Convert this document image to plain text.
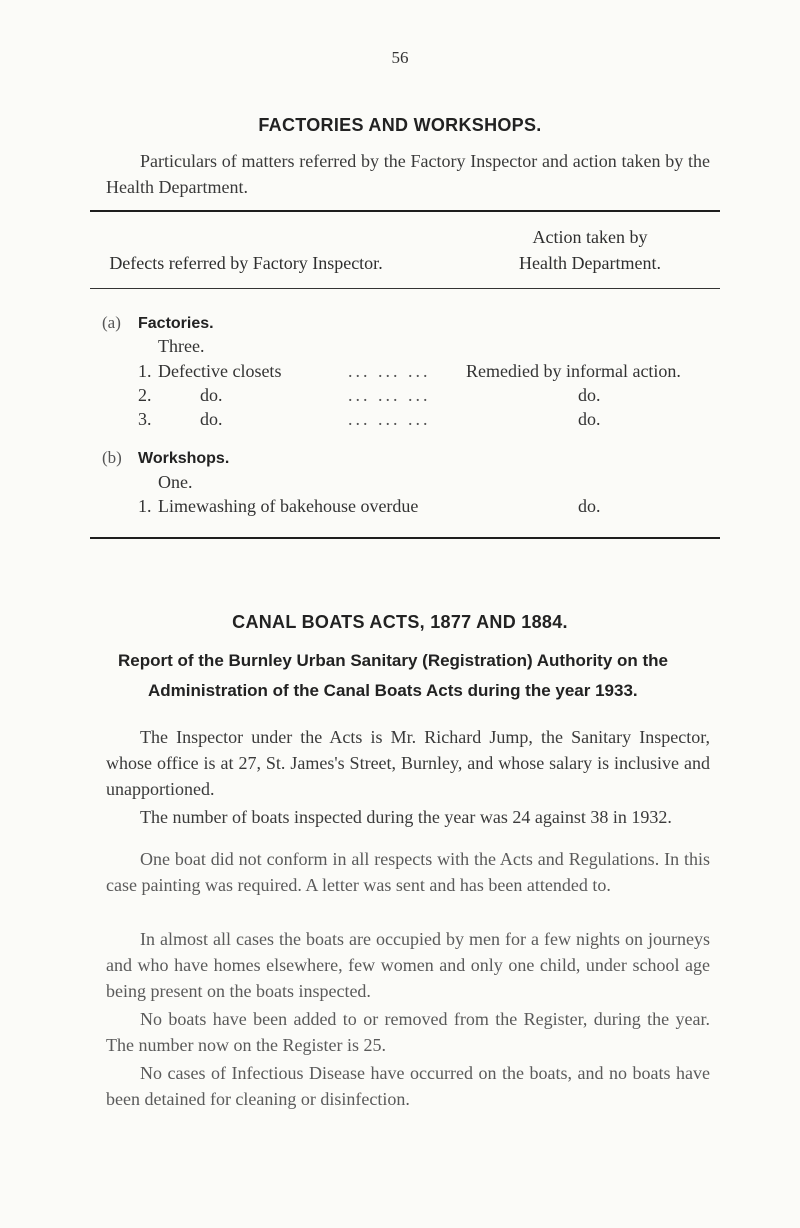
56
FACTORIES AND WORKSHOPS.
Particulars of matters referred by the Factory Inspector and action taken by the Health Department.
Defects referred by Factory Inspector.
Action taken by
Health Department.
(a) Factories.
Three.
1. Defective closets	... ... ... Remedied by informal action.
2.	do.	... ... ...	do.
3.	do.	... ... ...	do.
(b) Workshops.
One.
1. Limewashing of bakehouse overdue	do.
CANAL BOATS ACTS, 1877 AND 1884.
Report of the Burnley Urban Sanitary (Registration) Authority on the
Administration of the Canal Boats Acts during the year 1933.

The Inspector under the Acts is Mr. Richard Jump, the Sanitary Inspector, whose office is at 27, St. James's Street, Burnley, and whose salary is inclusive and unapportioned.

The number of boats inspected during the year was 24 against 38 in 1932.

One boat did not conform in all respects with the Acts and Regulations. In this case painting was required. A letter was sent and has been attended to.

In almost all cases the boats are occupied by men for a few nights on journeys and who have homes elsewhere, few women and only one child, under school age being present on the boats inspected.

No boats have been added to or removed from the Register, during the year. The number now on the Register is 25.

No cases of Infectious Disease have occurred on the boats, and no boats have been detained for cleaning or disinfection.
